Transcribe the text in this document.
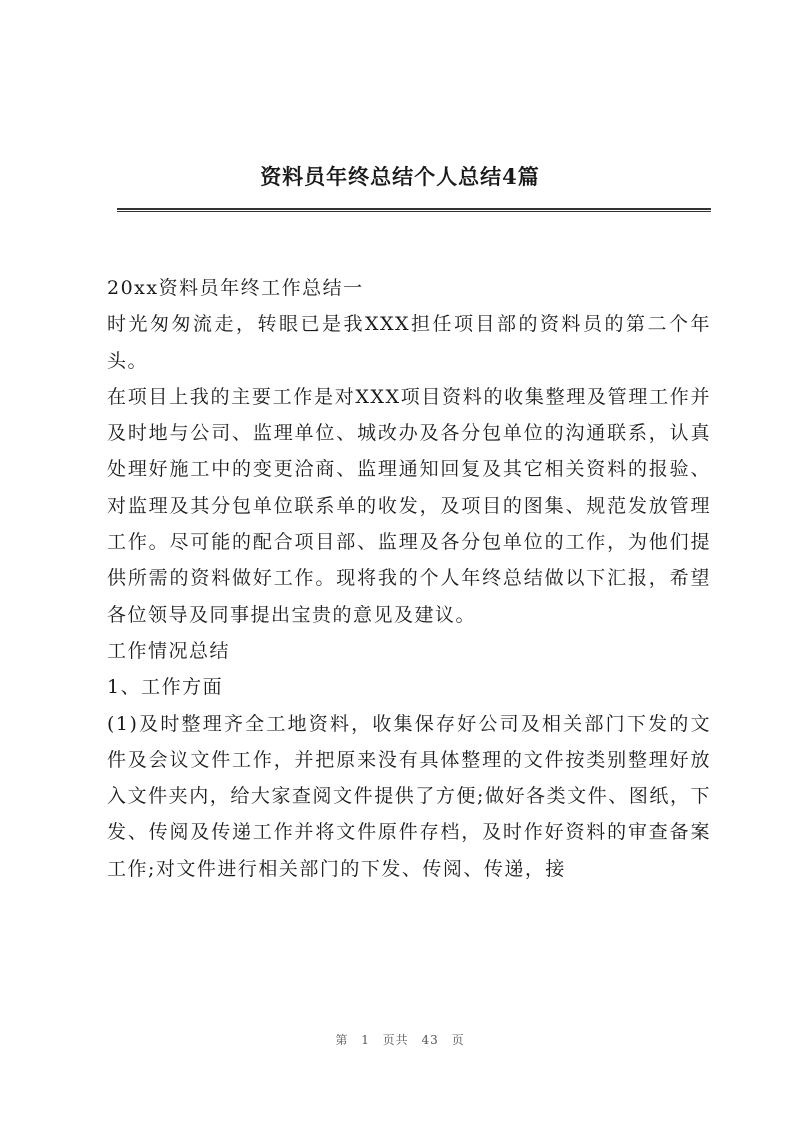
资料员年终总结个人总结4篇

20xx资料员年终工作总结一

时光匆匆流走，转眼已是我XXX担任项目部的资料员的第二个年头。

在项目上我的主要工作是对XXX项目资料的收集整理及管理工作并及时地与公司、监理单位、城改办及各分包单位的沟通联系，认真处理好施工中的变更洽商、监理通知回复及其它相关资料的报验、对监理及其分包单位联系单的收发，及项目的图集、规范发放管理工作。尽可能的配合项目部、监理及各分包单位的工作，为他们提供所需的资料做好工作。现将我的个人年终总结做以下汇报，希望各位领导及同事提出宝贵的意见及建议。

工作情况总结

1、工作方面

(1)及时整理齐全工地资料，收集保存好公司及相关部门下发的文件及会议文件工作，并把原来没有具体整理的文件按类别整理好放入文件夹内，给大家查阅文件提供了方便;做好各类文件、图纸，下发、传阅及传递工作并将文件原件存档，及时作好资料的审查备案工作;对文件进行相关部门的下发、传阅、传递，接

第 1 页共 43 页
